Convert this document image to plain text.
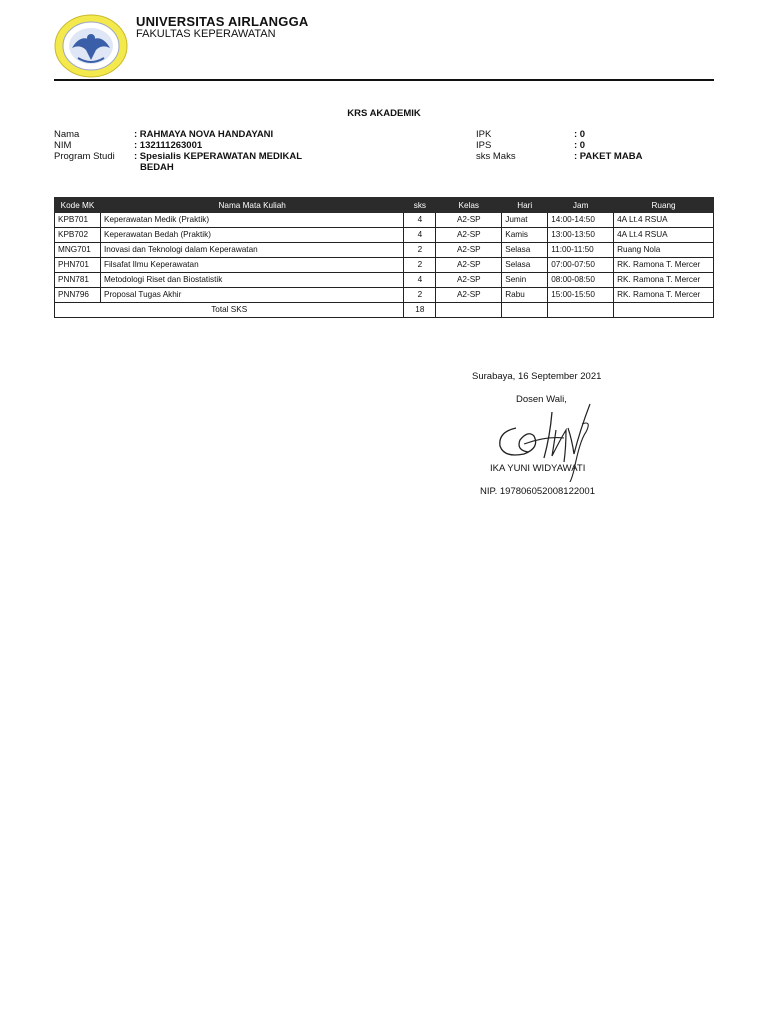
UNIVERSITAS AIRLANGGA
FAKULTAS KEPERAWATAN
KRS AKADEMIK
Nama	: RAHMAYA NOVA HANDAYANI
NIM	: 132111263001
Program Studi : Spesialis KEPERAWATAN MEDIKAL
BEDAH
IPK	: 0
IPS	: 0
sks Maks	: PAKET MABA
Kode MK	Nama Mata Kuliah	sks	Kelas	Hari	Jam	Ruang
KPB701	Keperawatan Medik (Praktik)	4	A2-SP	Jumat	14:00-14:50	4A Lt.4 RSUA
KPB702	Keperawatan Bedah (Praktik)	4	A2-SP	Kamis	13:00-13:50	4A Lt.4 RSUA
MNG701	Inovasi dan Teknologi dalam Keperawatan	2	A2-SP	Selasa	11:00-11:50	Ruang Nola
PHN701	Filsafat Ilmu Keperawatan	2	A2-SP	Selasa	07:00-07:50	RK. Ramona T. Mercer
PNN781	Metodologi Riset dan Biostatistik	4	A2-SP	Senin	08:00-08:50	RK. Ramona T. Mercer
PNN796	Proposal Tugas Akhir	2	A2-SP	Rabu	15:00-15:50	RK. Ramona T. Mercer
Total SKS		18				
Surabaya, 16 September 2021
Dosen Wali,
IKA YUNI WIDYAWATI
NIP. 197806052008122001
